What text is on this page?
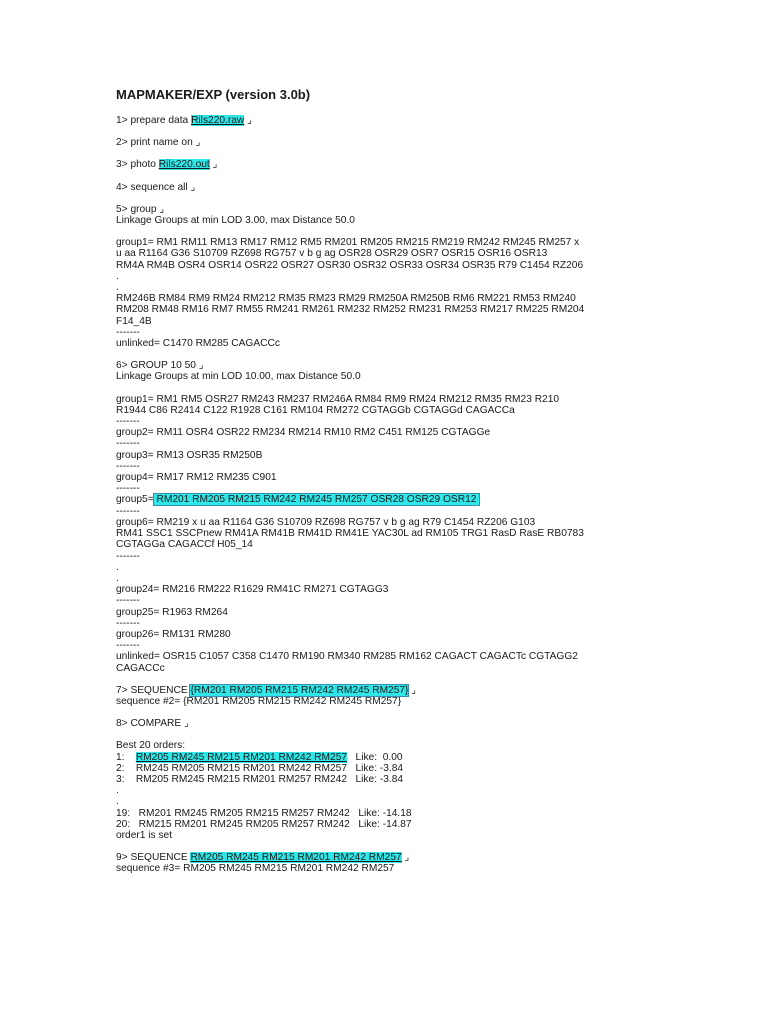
MAPMAKER/EXP (version 3.0b)
1> prepare data Rils220.raw ⌟
2> print name on ⌟
3> photo Rils220.out ⌟
4> sequence all ⌟
5> group ⌟
Linkage Groups at min LOD 3.00, max Distance 50.0
group1= RM1 RM11 RM13 RM17 RM12 RM5 RM201 RM205 RM215 RM219 RM242 RM245 RM257 x
u aa R1164 G36 S10709 RZ698 RG757 v b g ag OSR28 OSR29 OSR7 OSR15 OSR16 OSR13
RM4A RM4B OSR4 OSR14 OSR22 OSR27 OSR30 OSR32 OSR33 OSR34 OSR35 R79 C1454 RZ206
.
.
RM246B RM84 RM9 RM24 RM212 RM35 RM23 RM29 RM250A RM250B RM6 RM221 RM53 RM240
RM208 RM48 RM16 RM7 RM55 RM241 RM261 RM232 RM252 RM231 RM253 RM217 RM225 RM204
F14_4B
-------
unlinked= C1470 RM285 CAGACCc
6> GROUP 10 50 ⌟
Linkage Groups at min LOD 10.00, max Distance 50.0
group1= RM1 RM5 OSR27 RM243 RM237 RM246A RM84 RM9 RM24 RM212 RM35 RM23 R210
R1944 C86 R2414 C122 R1928 C161 RM104 RM272 CGTAGGb CGTAGGd CAGACCa
-------
group2= RM11 OSR4 OSR22 RM234 RM214 RM10 RM2 C451 RM125 CGTAGGe
-------
group3= RM13 OSR35 RM250B
-------
group4= RM17 RM12 RM235 C901
-------
group5= RM201 RM205 RM215 RM242 RM245 RM257 OSR28 OSR29 OSR12
-------
group6= RM219 x u aa R1164 G36 S10709 RZ698 RG757 v b g ag R79 C1454 RZ206 G103
RM41 SSC1 SSCPnew RM41A RM41B RM41D RM41E YAC30L ad RM105 TRG1 RasD RasE RB0783
CGTAGGa CAGACCf H05_14
-------
.
.
group24= RM216 RM222 R1629 RM41C RM271 CGTAGG3
-------
group25= R1963 RM264
-------
group26= RM131 RM280
-------
unlinked= OSR15 C1057 C358 C1470 RM190 RM340 RM285 RM162 CAGACT CAGACTc CGTAGG2
CAGACCc
7> SEQUENCE {RM201 RM205 RM215 RM242 RM245 RM257} ⌟
sequence #2= {RM201 RM205 RM215 RM242 RM245 RM257}
8> COMPARE ⌟
Best 20 orders:
1:    RM205 RM245 RM215 RM201 RM242 RM257   Like:  0.00
2:    RM245 RM205 RM215 RM201 RM242 RM257   Like: -3.84
3:    RM205 RM245 RM215 RM201 RM257 RM242   Like: -3.84
.
.
19:   RM201 RM245 RM205 RM215 RM257 RM242   Like: -14.18
20:   RM215 RM201 RM245 RM205 RM257 RM242   Like: -14.87
order1 is set
9> SEQUENCE RM205 RM245 RM215 RM201 RM242 RM257 ⌟
sequence #3= RM205 RM245 RM215 RM201 RM242 RM257
